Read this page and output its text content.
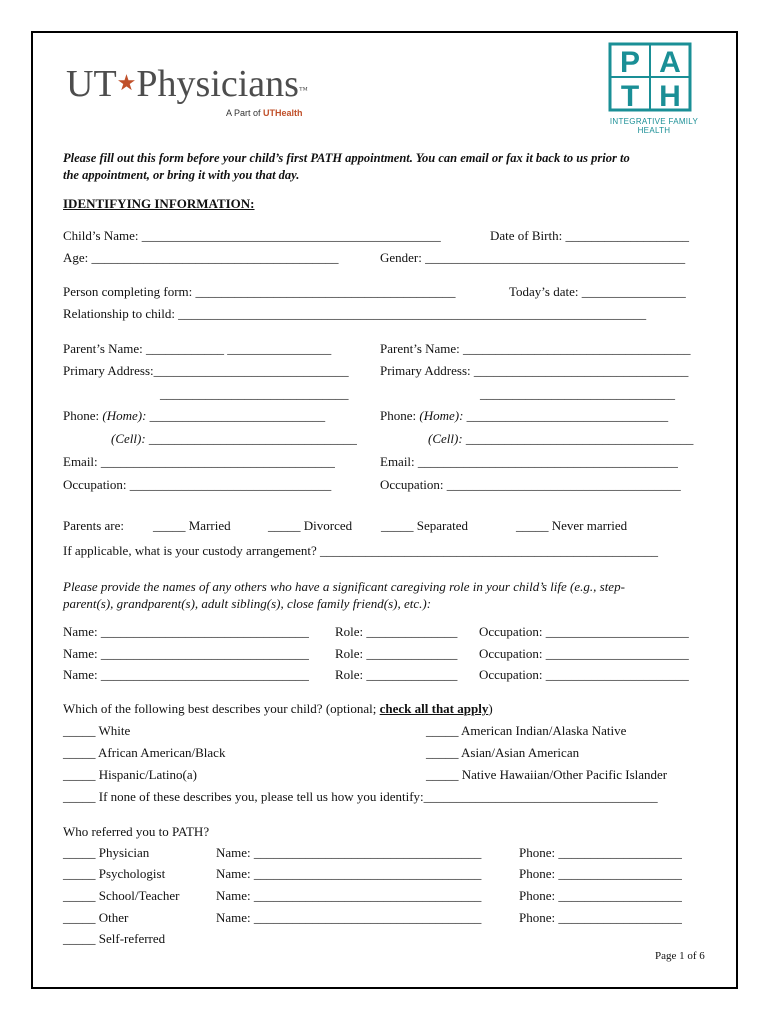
UT★Physicians™
A Part of UTHealth
P A
T H
INTEGRATIVE FAMILY
HEALTH
Please fill out this form before your child’s first PATH appointment. You can email or fax it back to us prior to
the appointment, or bring it with you that day.
IDENTIFYING INFORMATION:
Child’s Name: ______________________________________________	Date of Birth: ___________________
Age: ______________________________________	Gender: ________________________________________
Person completing form: ________________________________________	Today’s date: ________________
Relationship to child: ________________________________________________________________________
Parent’s Name: ____________ ________________	Parent’s Name: ___________________________________
Primary Address:______________________________ Primary Address: _________________________________
_____________________________	______________________________
Phone: (Home): ___________________________	Phone: (Home): _______________________________
(Cell): ________________________________	(Cell): ___________________________________
Email: ____________________________________	Email: ________________________________________
Occupation: _______________________________	Occupation: ____________________________________
Parents are: _____ Married	_____ Divorced _____ Separated	_____ Never married
If applicable, what is your custody arrangement? ____________________________________________________
Please provide the names of any others who have a significant caregiving role in your child’s life (e.g., step-
parent(s), grandparent(s), adult sibling(s), close family friend(s), etc.):
Name: ________________________________ Role: ______________ Occupation: ______________________
Name: ________________________________ Role: ______________ Occupation: ______________________
Name: ________________________________ Role: ______________ Occupation: ______________________
Which of the following best describes your child? (optional; check all that apply)
_____ White	_____ American Indian/Alaska Native
_____ African American/Black	_____ Asian/Asian American
_____ Hispanic/Latino(a)	_____ Native Hawaiian/Other Pacific Islander
_____ If none of these describes you, please tell us how you identify:____________________________________
Who referred you to PATH?
_____ Physician	Name: ___________________________________	Phone: ___________________
_____ Psychologist	Name: ___________________________________	Phone: ___________________
_____ School/Teacher	Name: ___________________________________	Phone: ___________________
_____ Other	Name: ___________________________________	Phone: ___________________
_____ Self-referred
Page 1 of 6
